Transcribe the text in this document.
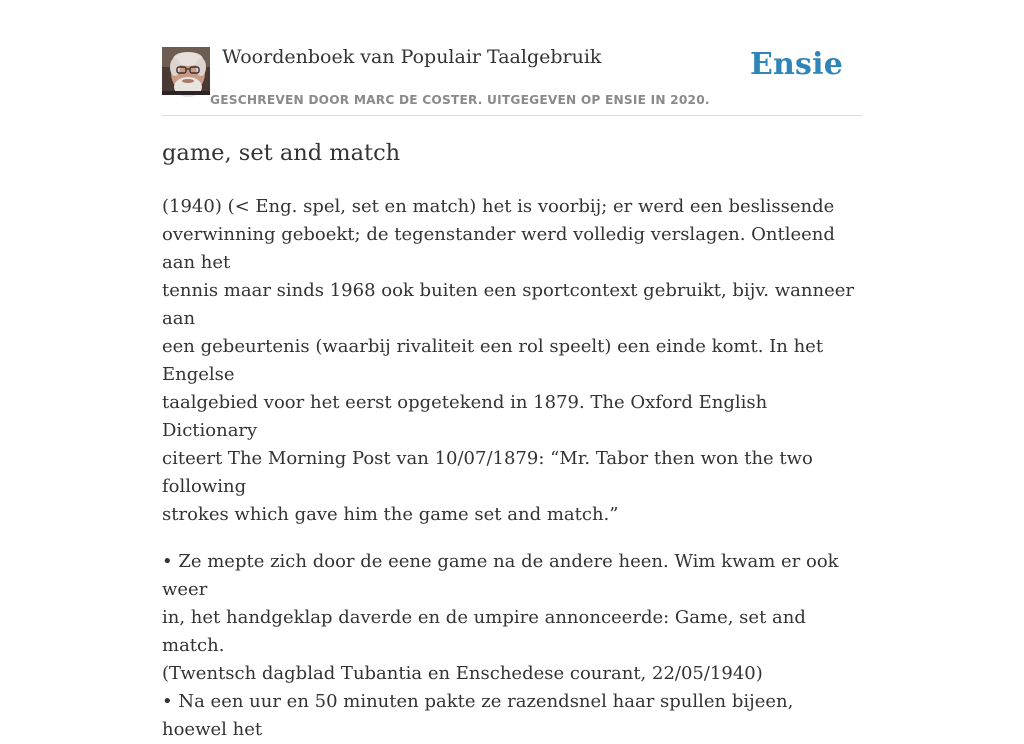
Woordenboek van Populair Taalgebruik

GESCHREVEN DOOR MARC DE COSTER. UITGEGEVEN OP ENSIE IN 2020.

Ensie
game, set and match

(1940) (< Eng. spel, set en match) het is voorbij; er werd een beslissende
overwinning geboekt; de tegenstander werd volledig verslagen. Ontleend aan het
tennis maar sinds 1968 ook buiten een sportcontext gebruikt, bijv. wanneer aan
een gebeurtenis (waarbij rivaliteit een rol speelt) een einde komt. In het Engelse
taalgebied voor het eerst opgetekend in 1879. The Oxford English Dictionary
citeert The Morning Post van 10/07/1879: “Mr. Tabor then won the two following
strokes which gave him the game set and match.”

• Ze mepte zich door de eene game na de andere heen. Wim kwam er ook weer
in, het handgeklap daverde en de umpire annonceerde: Game, set and match.
(Twentsch dagblad Tubantia en Enschedese courant, 22/05/1940)
• Na een uur en 50 minuten pakte ze razendsnel haar spullen bijeen, hoewel het
